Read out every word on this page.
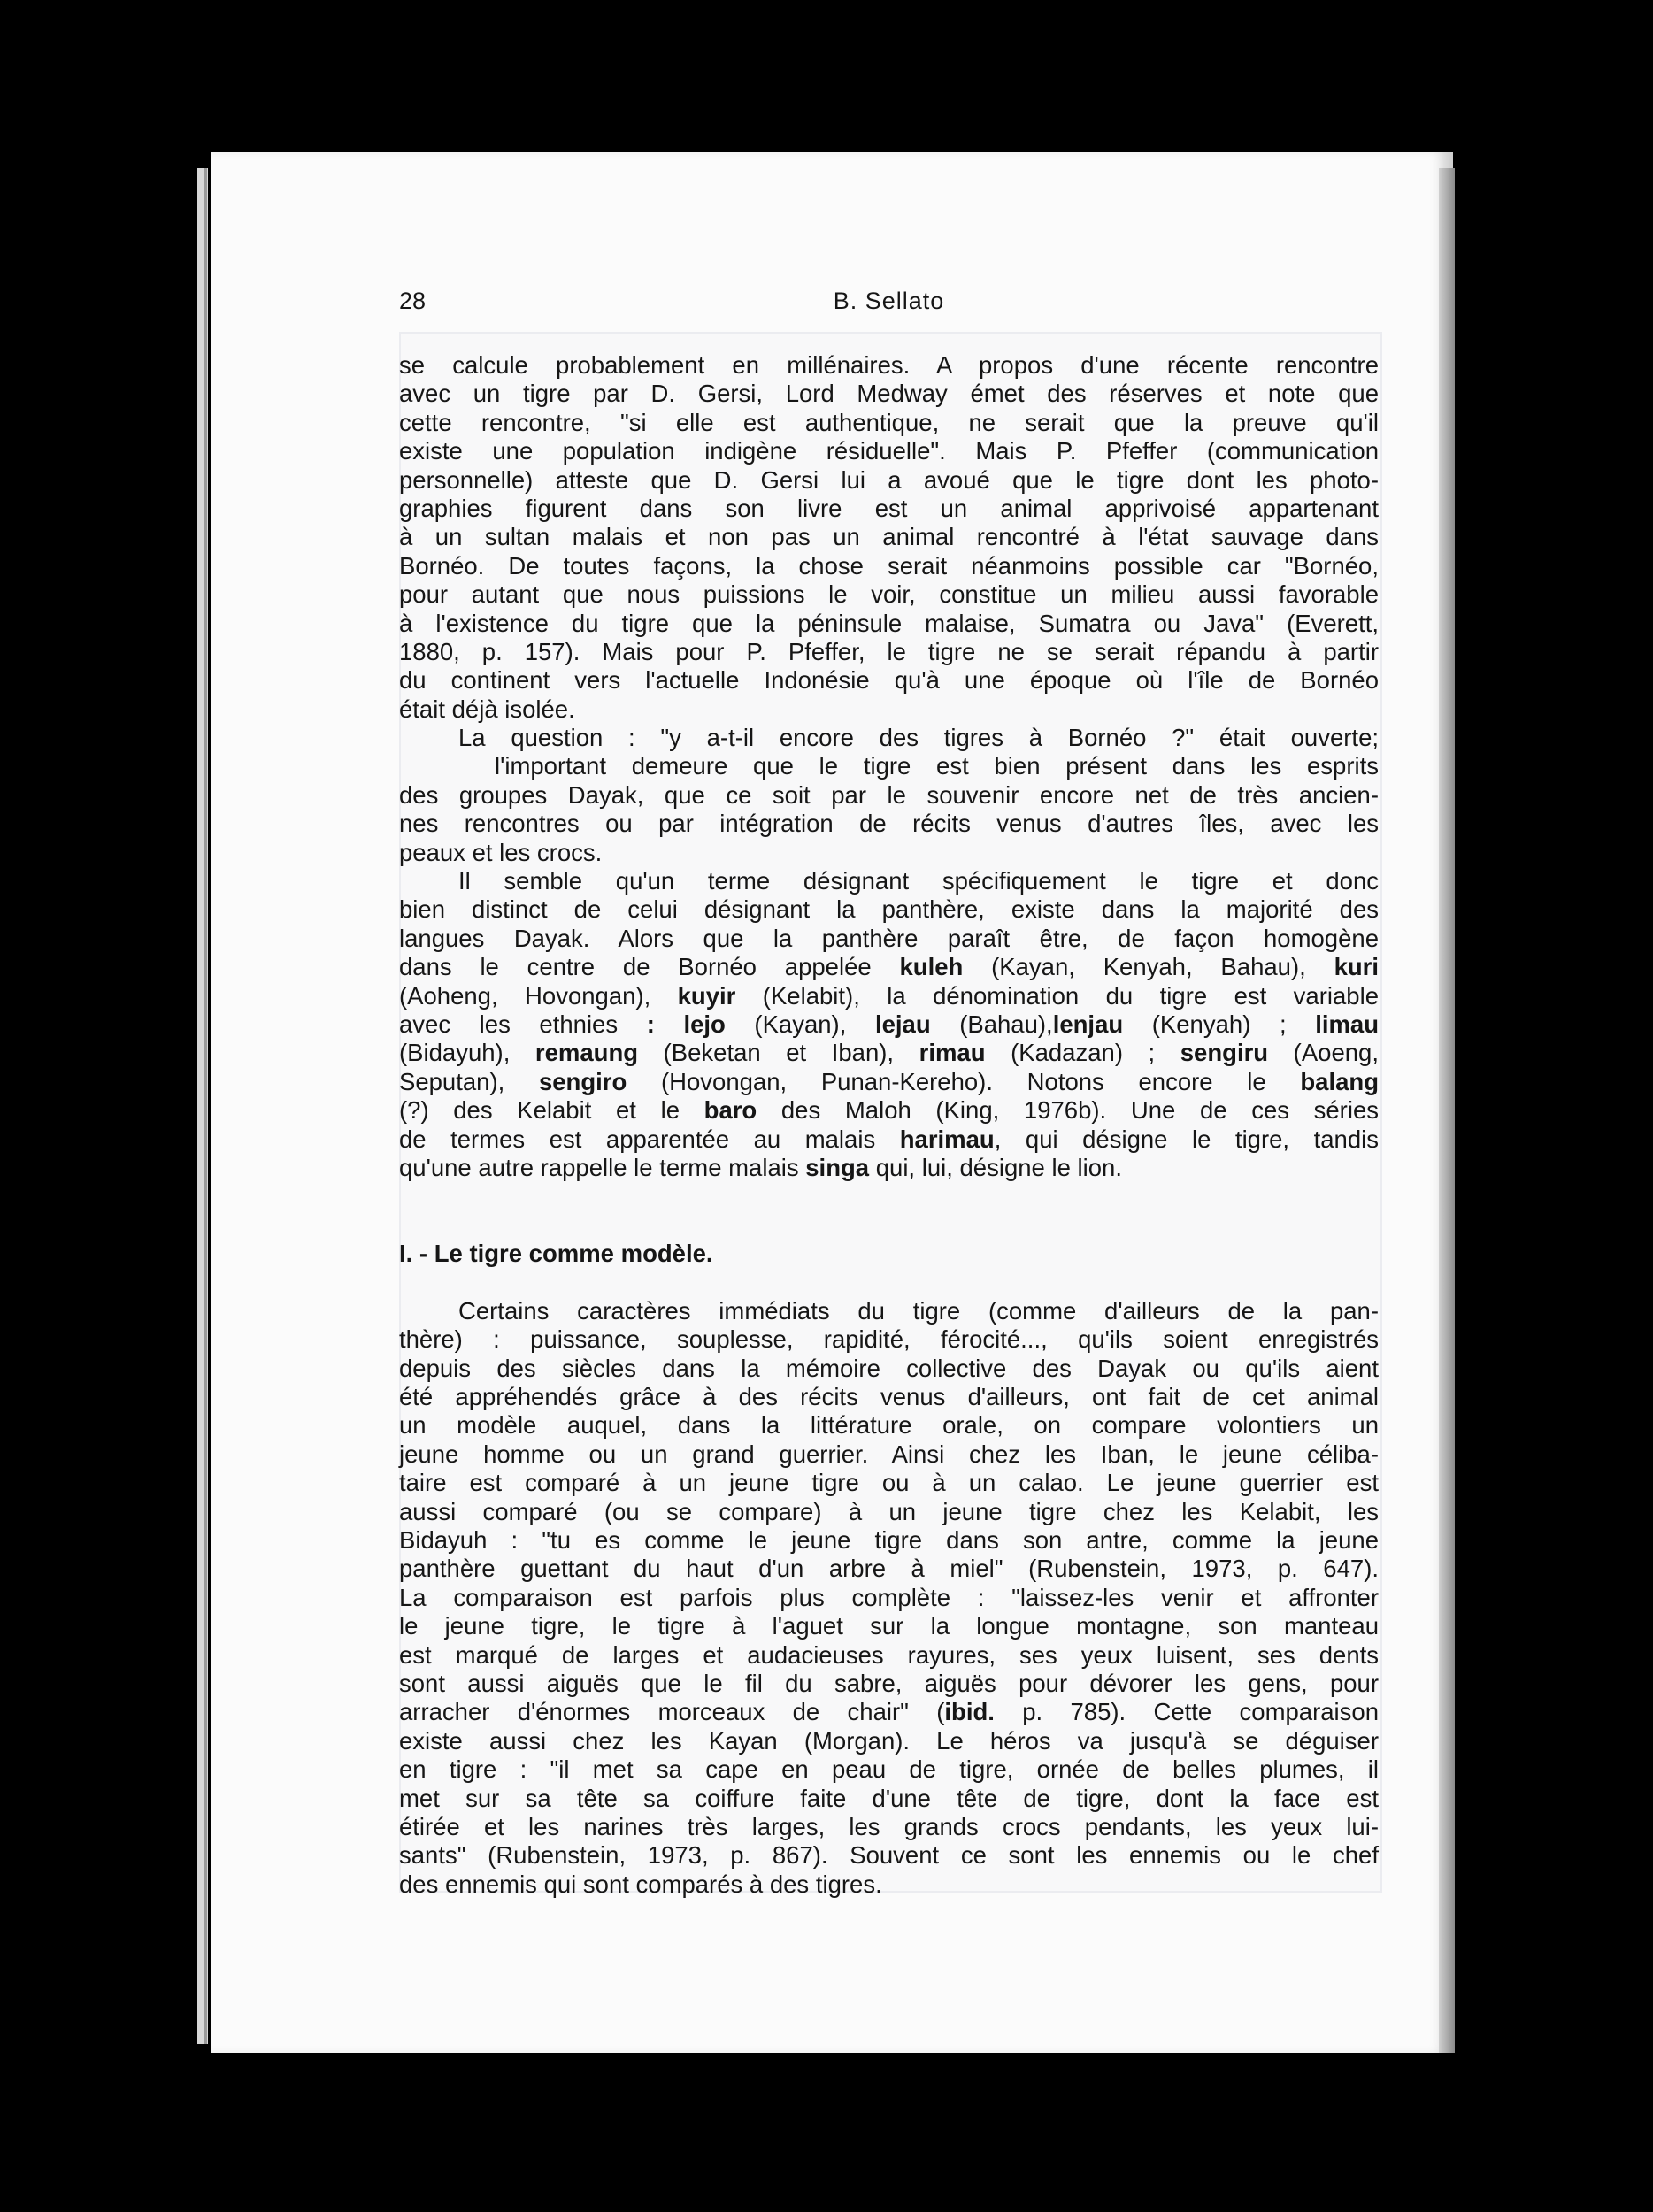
28	B. Sellato
se calcule probablement en millénaires. A propos d'une récente rencontre
avec un tigre par D. Gersi, Lord Medway émet des réserves et note que
cette rencontre, "si elle est authentique, ne serait que la preuve qu'il
existe une population indigène résiduelle". Mais P. Pfeffer (communication
personnelle) atteste que D. Gersi lui a avoué que le tigre dont les photo-
graphies figurent dans son livre est un animal apprivoisé appartenant
à un sultan malais et non pas un animal rencontré à l'état sauvage dans
Bornéo. De toutes façons, la chose serait néanmoins possible car "Bornéo,
pour autant que nous puissions le voir, constitue un milieu aussi favorable
à l'existence du tigre que la péninsule malaise, Sumatra ou Java" (Everett,
1880, p. 157). Mais pour P. Pfeffer, le tigre ne se serait répandu à partir
du continent vers l'actuelle Indonésie qu'à une époque où l'île de Bornéo
était déjà isolée.
La question : "y a-t-il encore des tigres à Bornéo ?" était ouverte;
l'important demeure que le tigre est bien présent dans les esprits
des groupes Dayak, que ce soit par le souvenir encore net de très ancien-
nes rencontres ou par intégration de récits venus d'autres îles, avec les
peaux et les crocs.
Il semble qu'un terme désignant spécifiquement le tigre et donc
bien distinct de celui désignant la panthère, existe dans la majorité des
langues Dayak. Alors que la panthère paraît être, de façon homogène
dans le centre de Bornéo appelée kuleh (Kayan, Kenyah, Bahau), kuri
(Aoheng, Hovongan), kuyir (Kelabit), la dénomination du tigre est variable
avec les ethnies : lejo (Kayan), lejau (Bahau),lenjau (Kenyah) ; limau
(Bidayuh), remaung (Beketan et Iban), rimau (Kadazan) ; sengiru (Aoeng,
Seputan), sengiro (Hovongan, Punan-Kereho). Notons encore le balang
(?) des Kelabit et le baro des Maloh (King, 1976b). Une de ces séries
de termes est apparentée au malais harimau, qui désigne le tigre, tandis
qu'une autre rappelle le terme malais singa qui, lui, désigne le lion.
I. - Le tigre comme modèle.
Certains caractères immédiats du tigre (comme d'ailleurs de la pan-
thère) : puissance, souplesse, rapidité, férocité..., qu'ils soient enregistrés
depuis des siècles dans la mémoire collective des Dayak ou qu'ils aient
été appréhendés grâce à des récits venus d'ailleurs, ont fait de cet animal
un modèle auquel, dans la littérature orale, on compare volontiers un
jeune homme ou un grand guerrier. Ainsi chez les Iban, le jeune céliba-
taire est comparé à un jeune tigre ou à un calao. Le jeune guerrier est
aussi comparé (ou se compare) à un jeune tigre chez les Kelabit, les
Bidayuh : "tu es comme le jeune tigre dans son antre, comme la jeune
panthère guettant du haut d'un arbre à miel" (Rubenstein, 1973, p. 647).
La comparaison est parfois plus complète : "laissez-les venir et affronter
le jeune tigre, le tigre à l'aguet sur la longue montagne, son manteau
est marqué de larges et audacieuses rayures, ses yeux luisent, ses dents
sont aussi aiguës que le fil du sabre, aiguës pour dévorer les gens, pour
arracher d'énormes morceaux de chair" (ibid. p. 785). Cette comparaison
existe aussi chez les Kayan (Morgan). Le héros va jusqu'à se déguiser
en tigre : "il met sa cape en peau de tigre, ornée de belles plumes, il
met sur sa tête sa coiffure faite d'une tête de tigre, dont la face est
étirée et les narines très larges, les grands crocs pendants, les yeux lui-
sants" (Rubenstein, 1973, p. 867). Souvent ce sont les ennemis ou le chef
des ennemis qui sont comparés à des tigres.
